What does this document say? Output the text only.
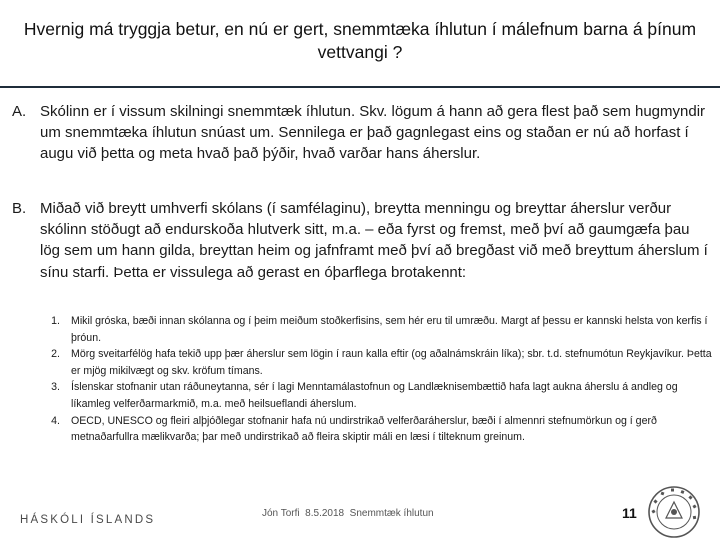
Hvernig má tryggja betur, en nú er gert, snemmtæka íhlutun í málefnum barna á þínum vettvangi ?
A. Skólinn er í vissum skilningi snemmtæk íhlutun. Skv. lögum á hann að gera flest það sem hugmyndir um snemmtæka íhlutun snúast um. Sennilega er það gagnlegast eins og staðan er nú að horfast í augu við þetta og meta hvað það þýðir, hvað varðar hans áherslur.
B. Miðað við breytt umhverfi skólans (í samfélaginu), breytta menningu og breyttar áherslur verður skólinn stöðugt að endurskoða hlutverk sitt, m.a. – eða fyrst og fremst, með því að gaumgæfa þau lög sem um hann gilda, breyttan heim og jafnframt með því að bregðast við með breyttum áherslum í sínu starfi. Þetta er vissulega að gerast en óþarflega brotakennt:
1. Mikil gróska, bæði innan skólanna og í þeim meiðum stoðkerfisins, sem hér eru til umræðu. Margt af þessu er kannski helsta von kerfis í þróun.
2. Mörg sveitarfélög hafa tekið upp þær áherslur sem lögin í raun kalla eftir (og aðalnámskráin líka); sbr. t.d. stefnumótun Reykjavíkur. Þetta er mjög mikilvægt og skv. kröfum tímans.
3. Íslenskar stofnanir utan ráðuneytanna, sér í lagi Menntamálastofnun og Landlæknisembættið hafa lagt aukna áherslu á andleg og líkamleg velferðarmarkmið, m.a. með heilsueflandi áherslum.
4. OECD, UNESCO og fleiri alþjóðlegar stofnanir hafa nú undirstrikað velferðaráherslur, bæði í almennri stefnumörkun og í gerð metnaðarfullra mælikvarða; þar með undirstrikað að fleira skiptir máli en læsi í tilteknum greinum.
HÁSKÓLI ÍSLANDS
Jón Torfi  8.5.2018  Snemmtæk íhlutun	11
